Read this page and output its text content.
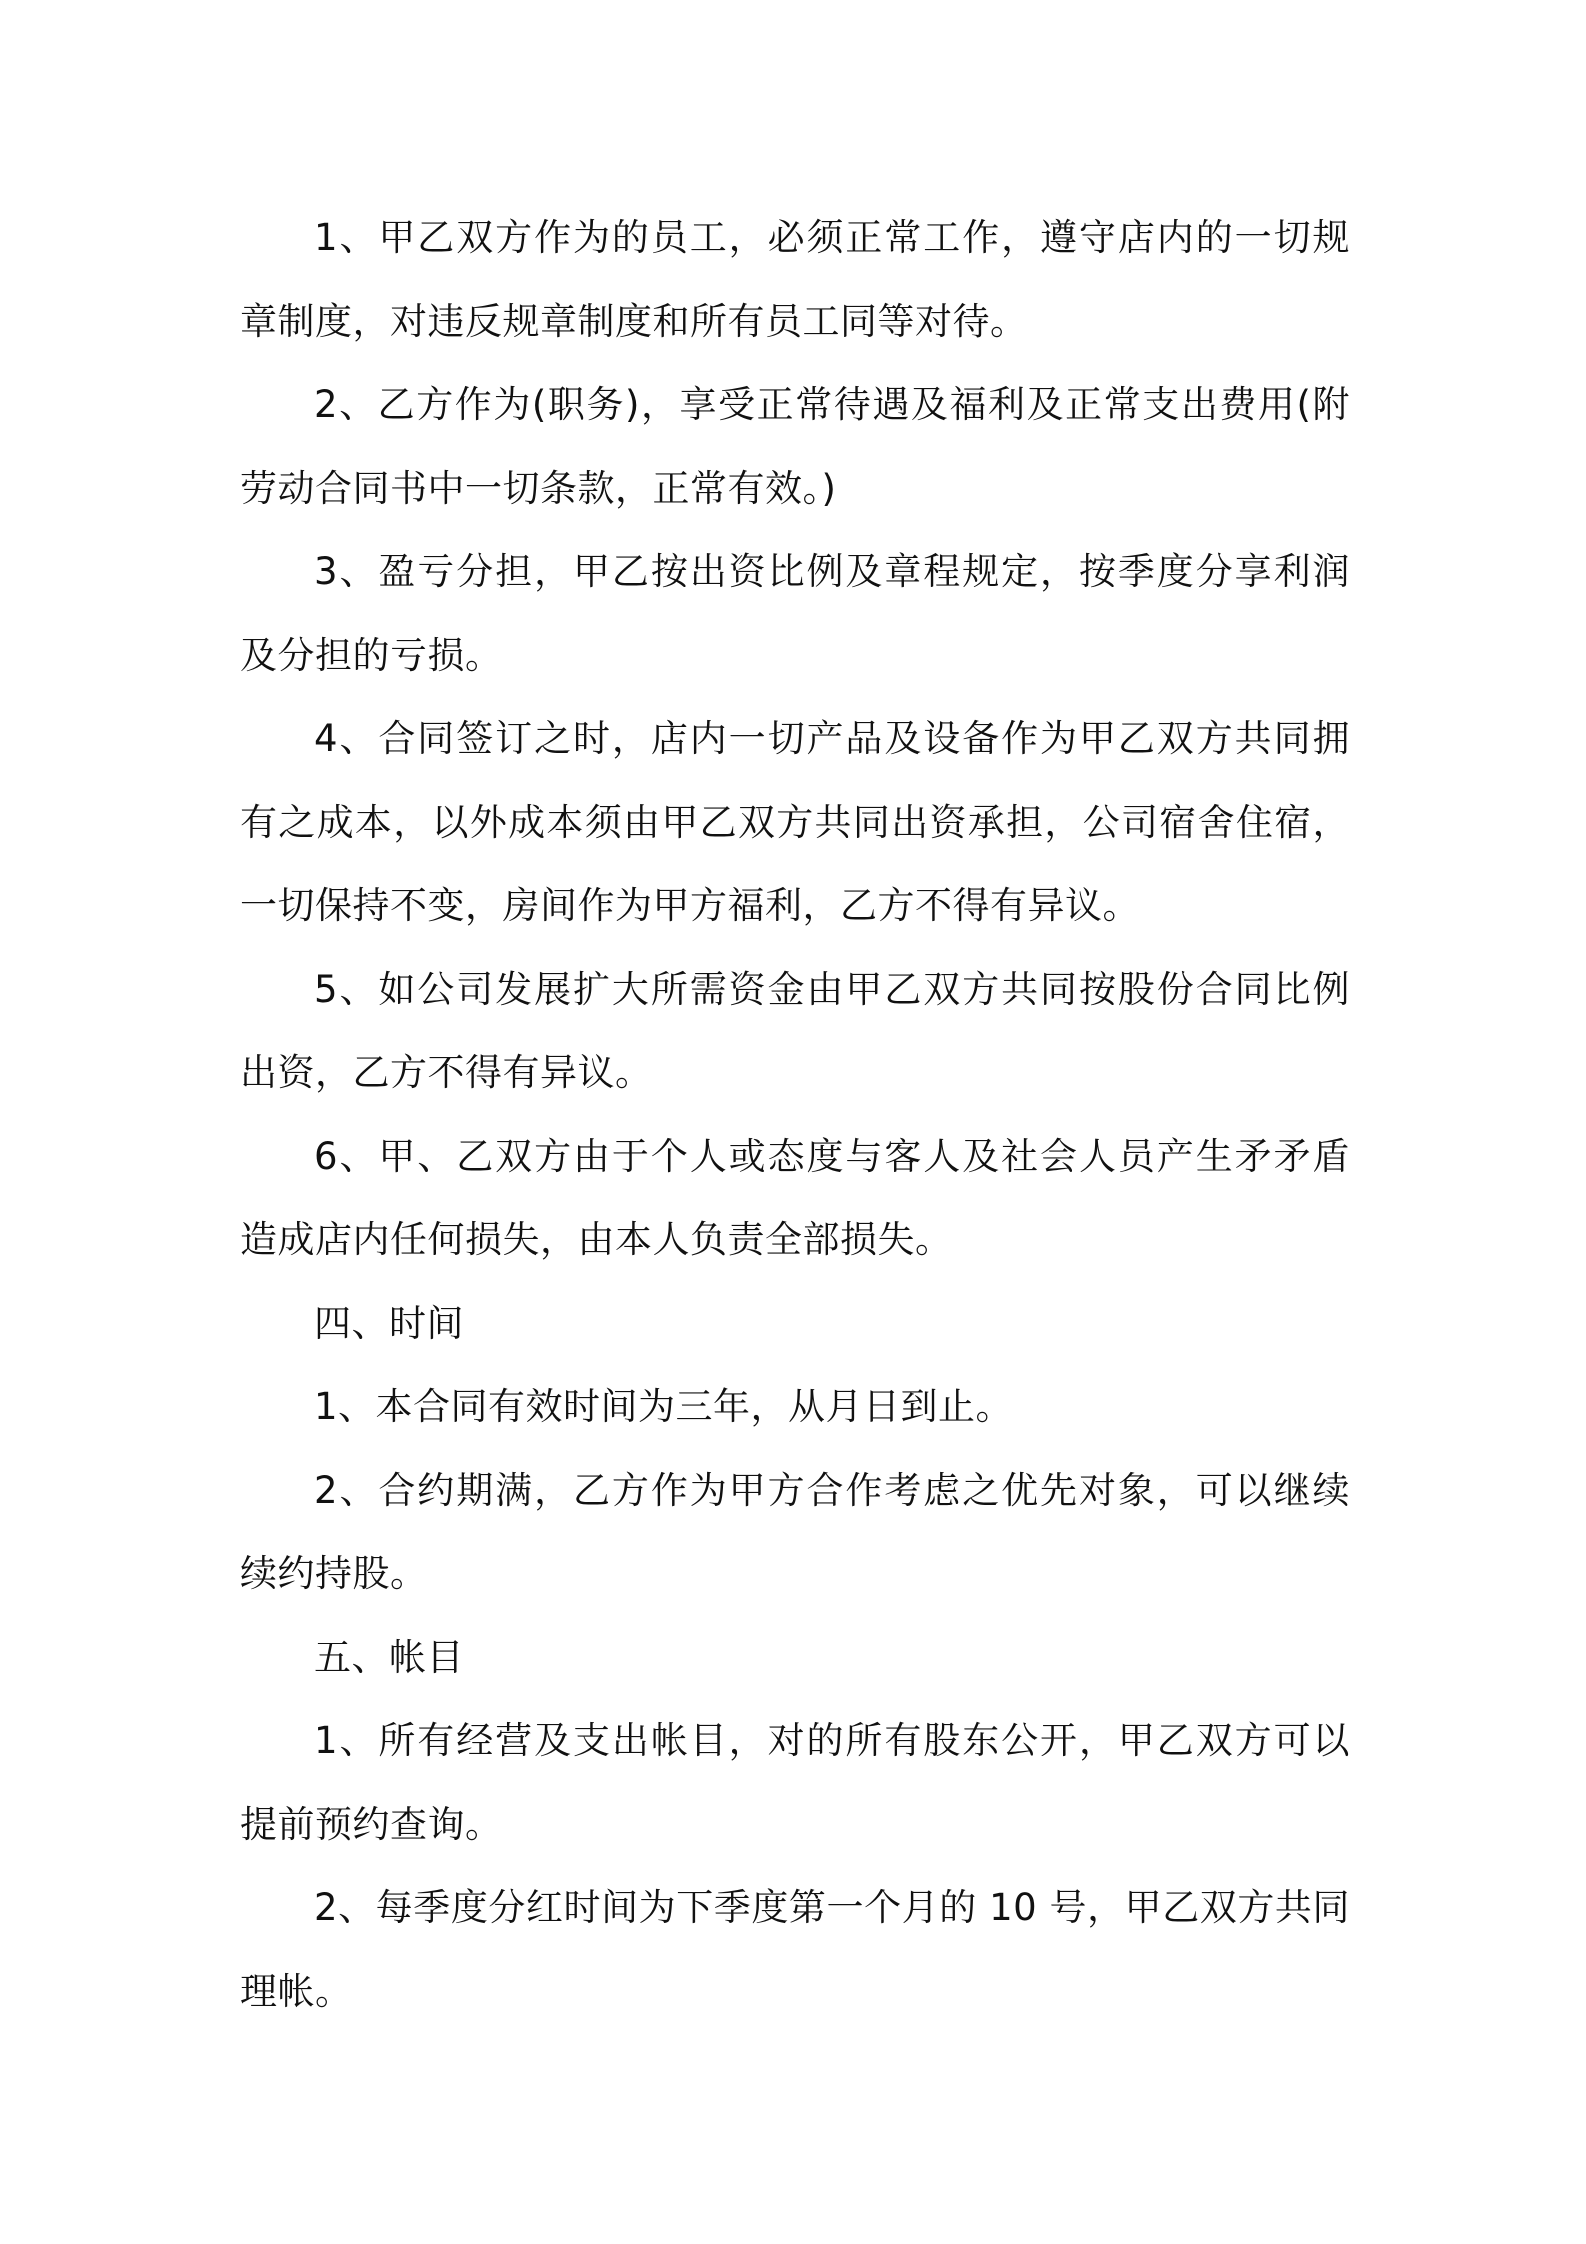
1、甲乙双方作为的员工，必须正常工作，遵守店内的一切规章制度，对违反规章制度和所有员工同等对待。

2、乙方作为(职务)，享受正常待遇及福利及正常支出费用(附劳动合同书中一切条款，正常有效。)

3、盈亏分担，甲乙按出资比例及章程规定，按季度分享利润及分担的亏损。

4、合同签订之时，店内一切产品及设备作为甲乙双方共同拥有之成本，以外成本须由甲乙双方共同出资承担，公司宿舍住宿，一切保持不变，房间作为甲方福利，乙方不得有异议。

5、如公司发展扩大所需资金由甲乙双方共同按股份合同比例出资，乙方不得有异议。

6、甲、乙双方由于个人或态度与客人及社会人员产生矛矛盾造成店内任何损失，由本人负责全部损失。

四、时间

1、本合同有效时间为三年，从月日到止。

2、合约期满，乙方作为甲方合作考虑之优先对象，可以继续续约持股。

五、帐目

1、所有经营及支出帐目，对的所有股东公开，甲乙双方可以提前预约查询。

2、每季度分红时间为下季度第一个月的 10 号，甲乙双方共同理帐。
